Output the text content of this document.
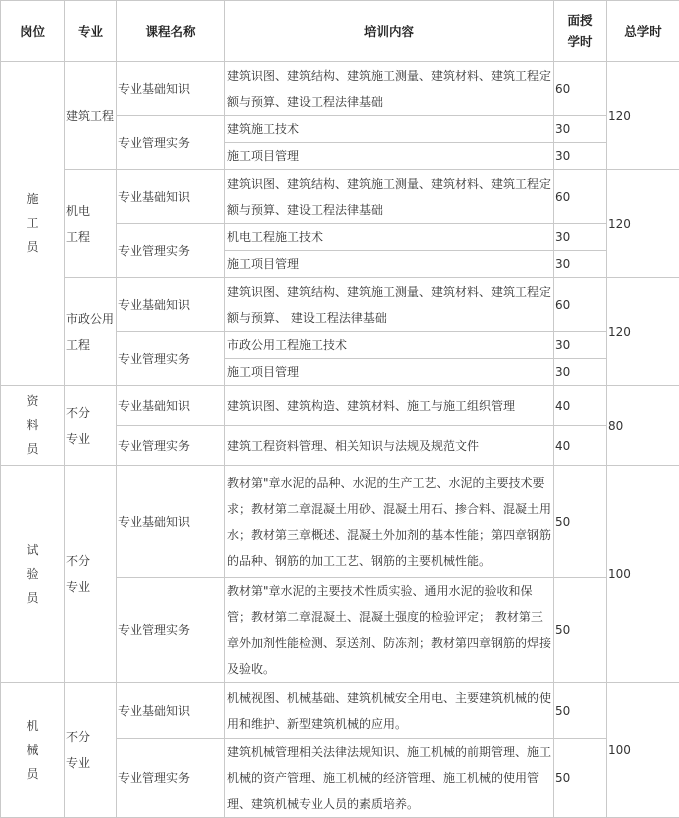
岗位	专业	课程名称	培训内容	面授学时	总学时
施工员	建筑工程	专业基础知识	建筑识图、建筑结构、建筑施工测量、建筑材料、建筑工程定额与预算、建设工程法律基础	60	120
		专业管理实务	建筑施工技术	30	
			施工项目管理	30	
	机电工程	专业基础知识	建筑识图、建筑结构、建筑施工测量、建筑材料、建筑工程定额与预算、建设工程法律基础	60	120
		专业管理实务	机电工程施工技术	30	
			施工项目管理	30	
	市政公用工程	专业基础知识	建筑识图、建筑结构、建筑施工测量、建筑材料、建筑工程定额与预算、 建设工程法律基础	60	120
		专业管理实务	市政公用工程施工技术	30	
			施工项目管理	30	
资料员	不分专业	专业基础知识	建筑识图、建筑构造、建筑材料、施工与施工组织管理	40	80
		专业管理实务	建筑工程资料管理、相关知识与法规及规范文件	40	
试验员	不分专业	专业基础知识	教材第"章水泥的品种、水泥的生产工艺、水泥的主要技术要求；教材第二章混凝土用砂、混凝土用石、掺合料、混凝土用水；教材第三章概述、混凝土外加剂的基本性能；第四章钢筋的品种、钢筋的加工工艺、钢筋的主要机械性能。	50	100
		专业管理实务	教材第"章水泥的主要技术性质实验、通用水泥的验收和保管；教材第二章混凝土、混凝土强度的检验评定； 教材第三章外加剂性能检测、泵送剂、防冻剂；教材第四章钢筋的焊接及验收。	50	
机械员	不分专业	专业基础知识	机械视图、机械基础、建筑机械安全用电、主要建筑机械的使用和维护、新型建筑机械的应用。	50	100
		专业管理实务	建筑机械管理相关法律法规知识、施工机械的前期管理、施工机械的资产管理、施工机械的经济管理、施工机械的使用管理、建筑机械专业人员的素质培养。	50	
